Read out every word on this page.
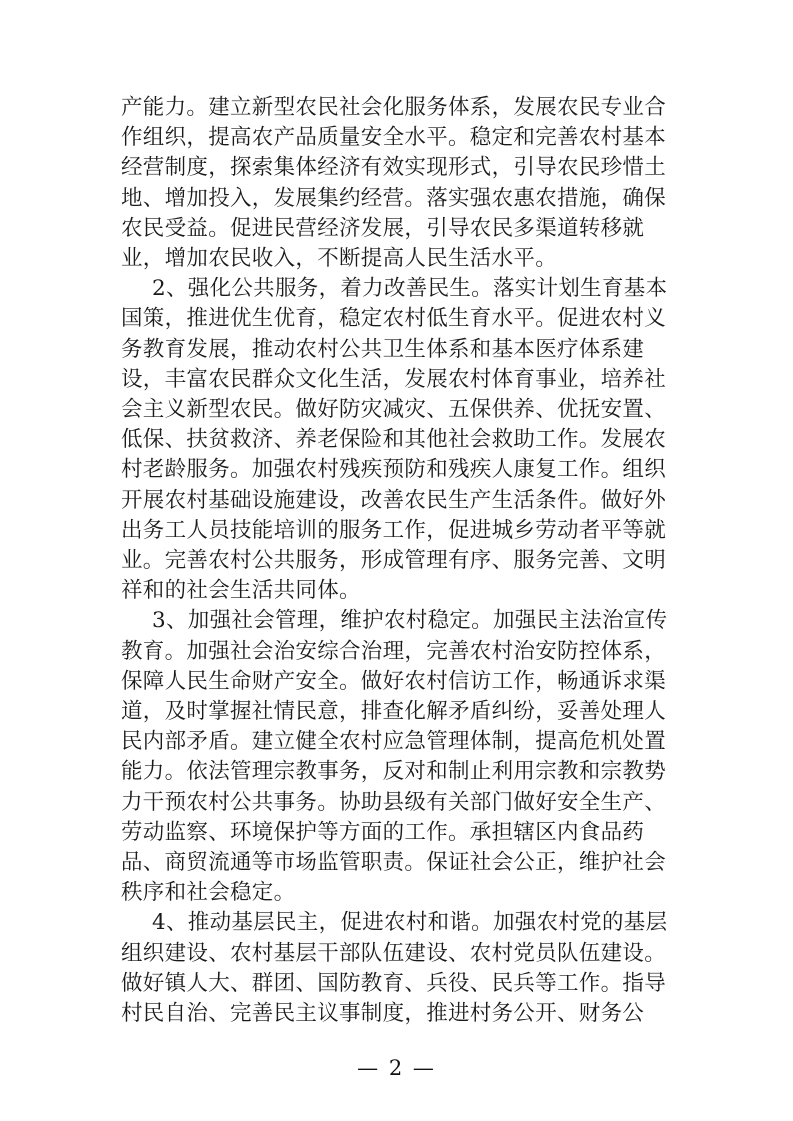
产能力。建立新型农民社会化服务体系，发展农民专业合
作组织，提高农产品质量安全水平。稳定和完善农村基本
经营制度，探索集体经济有效实现形式，引导农民珍惜土
地、增加投入，发展集约经营。落实强农惠农措施，确保
农民受益。促进民营经济发展，引导农民多渠道转移就
业，增加农民收入，不断提高人民生活水平。
2、强化公共服务，着力改善民生。落实计划生育基本
国策，推进优生优育，稳定农村低生育水平。促进农村义
务教育发展，推动农村公共卫生体系和基本医疗体系建
设，丰富农民群众文化生活，发展农村体育事业，培养社
会主义新型农民。做好防灾减灾、五保供养、优抚安置、
低保、扶贫救济、养老保险和其他社会救助工作。发展农
村老龄服务。加强农村残疾预防和残疾人康复工作。组织
开展农村基础设施建设，改善农民生产生活条件。做好外
出务工人员技能培训的服务工作，促进城乡劳动者平等就
业。完善农村公共服务，形成管理有序、服务完善、文明
祥和的社会生活共同体。
3、加强社会管理，维护农村稳定。加强民主法治宣传
教育。加强社会治安综合治理，完善农村治安防控体系，
保障人民生命财产安全。做好农村信访工作，畅通诉求渠
道，及时掌握社情民意，排查化解矛盾纠纷，妥善处理人
民内部矛盾。建立健全农村应急管理体制，提高危机处置
能力。依法管理宗教事务，反对和制止利用宗教和宗教势
力干预农村公共事务。协助县级有关部门做好安全生产、
劳动监察、环境保护等方面的工作。承担辖区内食品药
品、商贸流通等市场监管职责。保证社会公正，维护社会
秩序和社会稳定。
4、推动基层民主，促进农村和谐。加强农村党的基层
组织建设、农村基层干部队伍建设、农村党员队伍建设。
做好镇人大、群团、国防教育、兵役、民兵等工作。指导
村民自治、完善民主议事制度，推进村务公开、财务公
— 2 —
